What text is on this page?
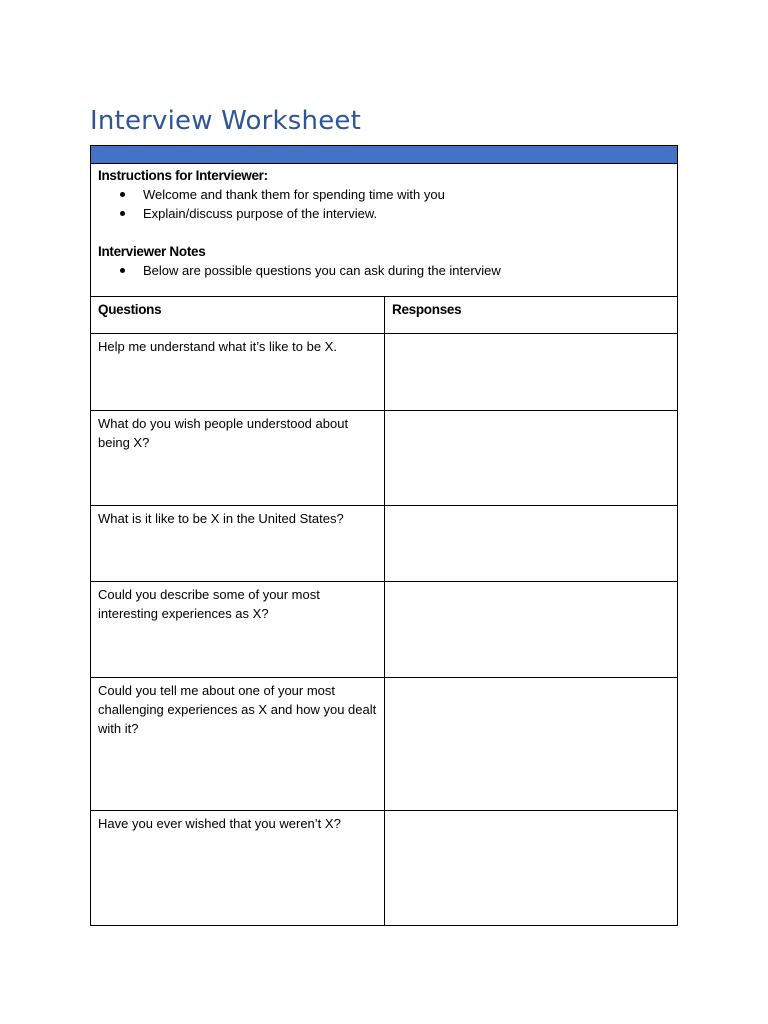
Interview Worksheet
Instructions for Interviewer:
Welcome and thank them for spending time with you
Explain/discuss purpose of the interview.
Interviewer Notes
Below are possible questions you can ask during the interview
Questions	Responses
Help me understand what it’s like to be X.
What do you wish people understood about being X?
What is it like to be X in the United States?
Could you describe some of your most interesting experiences as X?
Could you tell me about one of your most challenging experiences as X and how you dealt with it?
Have you ever wished that you weren’t X?
